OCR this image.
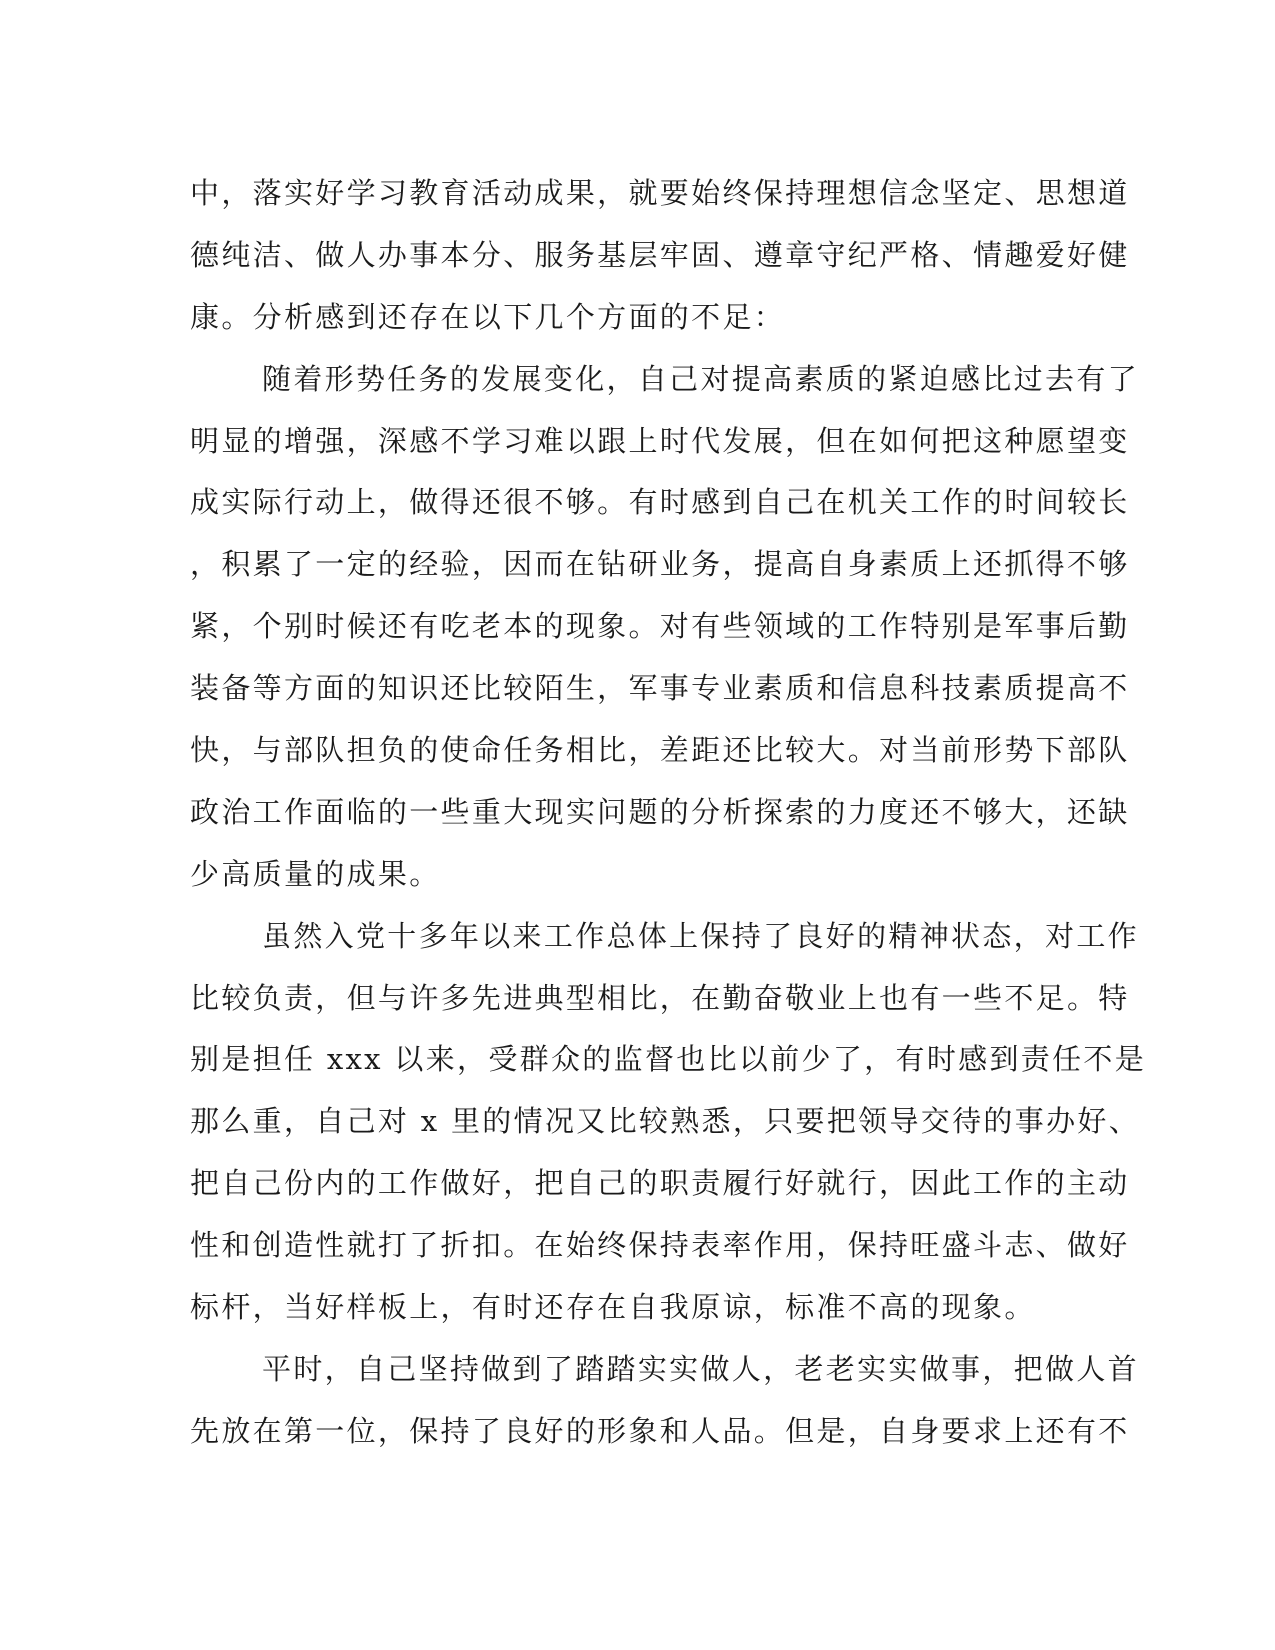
中，落实好学习教育活动成果，就要始终保持理想信念坚定、思想道
德纯洁、做人办事本分、服务基层牢固、遵章守纪严格、情趣爱好健
康。分析感到还存在以下几个方面的不足：
随着形势任务的发展变化，自己对提高素质的紧迫感比过去有了
明显的增强，深感不学习难以跟上时代发展，但在如何把这种愿望变
成实际行动上，做得还很不够。有时感到自己在机关工作的时间较长
，积累了一定的经验，因而在钻研业务，提高自身素质上还抓得不够
紧，个别时候还有吃老本的现象。对有些领域的工作特别是军事后勤
装备等方面的知识还比较陌生，军事专业素质和信息科技素质提高不
快，与部队担负的使命任务相比，差距还比较大。对当前形势下部队
政治工作面临的一些重大现实问题的分析探索的力度还不够大，还缺
少高质量的成果。
虽然入党十多年以来工作总体上保持了良好的精神状态，对工作
比较负责，但与许多先进典型相比，在勤奋敬业上也有一些不足。特
别是担任 xxx 以来，受群众的监督也比以前少了，有时感到责任不是
那么重，自己对 x 里的情况又比较熟悉，只要把领导交待的事办好、
把自己份内的工作做好，把自己的职责履行好就行，因此工作的主动
性和创造性就打了折扣。在始终保持表率作用，保持旺盛斗志、做好
标杆，当好样板上，有时还存在自我原谅，标准不高的现象。
平时，自己坚持做到了踏踏实实做人，老老实实做事，把做人首
先放在第一位，保持了良好的形象和人品。但是，自身要求上还有不
